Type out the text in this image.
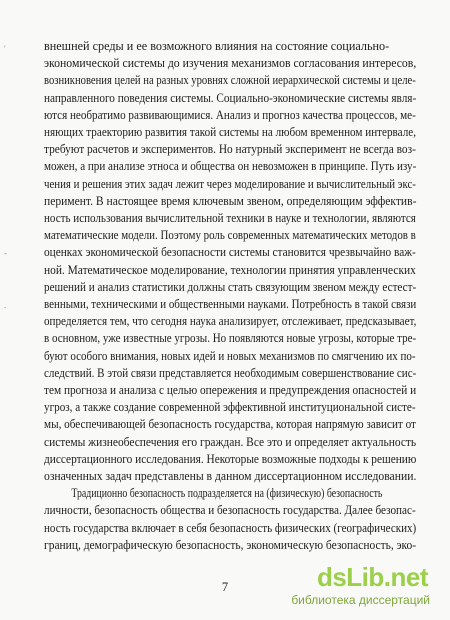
'
-
.
внешней среды и ее возможного влияния на состояние социально-
экономической системы до изучения механизмов согласования интересов,
возникновения целей на разных уровнях сложной иерархической системы и целе-
направленного поведения системы. Социально-экономические системы явля-
ются необратимо развивающимися. Анализ и прогноз качества процессов, ме-
няющих траекторию развития такой системы на любом временном интервале,
требуют расчетов и экспериментов. Но натурный эксперимент не всегда воз-
можен, а при анализе этноса и общества он невозможен в принципе. Путь изу-
чения и решения этих задач лежит через моделирование и вычислительный экс-
перимент. В настоящее время ключевым звеном, определяющим эффектив-
ность использования вычислительной техники в науке и технологии, являются
математические модели. Поэтому роль современных математических методов в
оценках экономической безопасности системы становится чрезвычайно важ-
ной. Математическое моделирование, технологии принятия управленческих
решений и анализ статистики должны стать связующим звеном между естест-
венными, техническими и общественными науками. Потребность в такой связи
определяется тем, что сегодня наука анализирует, отслеживает, предсказывает,
в основном, уже известные угрозы. Но появляются новые угрозы, которые тре-
буют особого внимания, новых идей и новых механизмов по смягчению их по-
следствий. В этой связи представляется необходимым совершенствование сис-
тем прогноза и анализа с целью опережения и предупреждения опасностей и
угроз, а также создание современной эффективной институциональной систе-
мы, обеспечивающей безопасность государства, которая напрямую зависит от
системы жизнеобеспечения его граждан. Все это и определяет актуальность
диссертационного исследования. Некоторые возможные подходы к решению
означенных задач представлены в данном диссертационном исследовании.
Традиционно безопасность подразделяется на (физическую) безопасность
личности, безопасность общества и безопасность государства. Далее безопас-
ность государства включает в себя безопасность физических (географических)
границ, демографическую безопасность, экономическую безопасность, эко-
7	dsLib.net
библиотека диссертаций
